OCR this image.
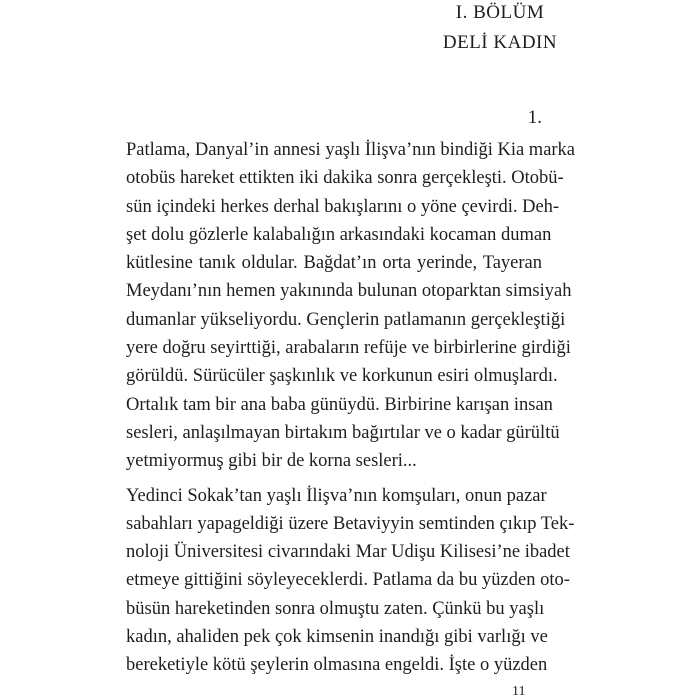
I. BÖLÜM
DELİ KADIN
1.
Patlama, Danyal’in annesi yaşlı İlişva’nın bindiği Kia marka
otobüs hareket ettikten iki dakika sonra gerçekleşti. Otobü-
sün içindeki herkes derhal bakışlarını o yöne çevirdi. Deh-
şet dolu gözlerle kalabalığın arkasındaki kocaman duman
kütlesine tanık oldular. Bağdat’ın orta yerinde, Tayeran
Meydanı’nın hemen yakınında bulunan otoparktan simsiyah
dumanlar yükseliyordu. Gençlerin patlamanın gerçekleştiği
yere doğru seyirttiği, arabaların refüje ve birbirlerine girdiği
görüldü. Sürücüler şaşkınlık ve korkunun esiri olmuşlardı.
Ortalık tam bir ana baba günüydü. Birbirine karışan insan
sesleri, anlaşılmayan birtakım bağırtılar ve o kadar gürültü
yetmiyormuş gibi bir de korna sesleri...
Yedinci Sokak’tan yaşlı İlişva’nın komşuları, onun pazar
sabahları yapageldiği üzere Betaviyyin semtinden çıkıp Tek-
noloji Üniversitesi civarındaki Mar Udişu Kilisesi’ne ibadet
etmeye gittiğini söyleyeceklerdi. Patlama da bu yüzden oto-
büsün hareketinden sonra olmuştu zaten. Çünkü bu yaşlı
kadın, ahaliden pek çok kimsenin inandığı gibi varlığı ve
bereketiyle kötü şeylerin olmasına engeldi. İşte o yüzden
11
